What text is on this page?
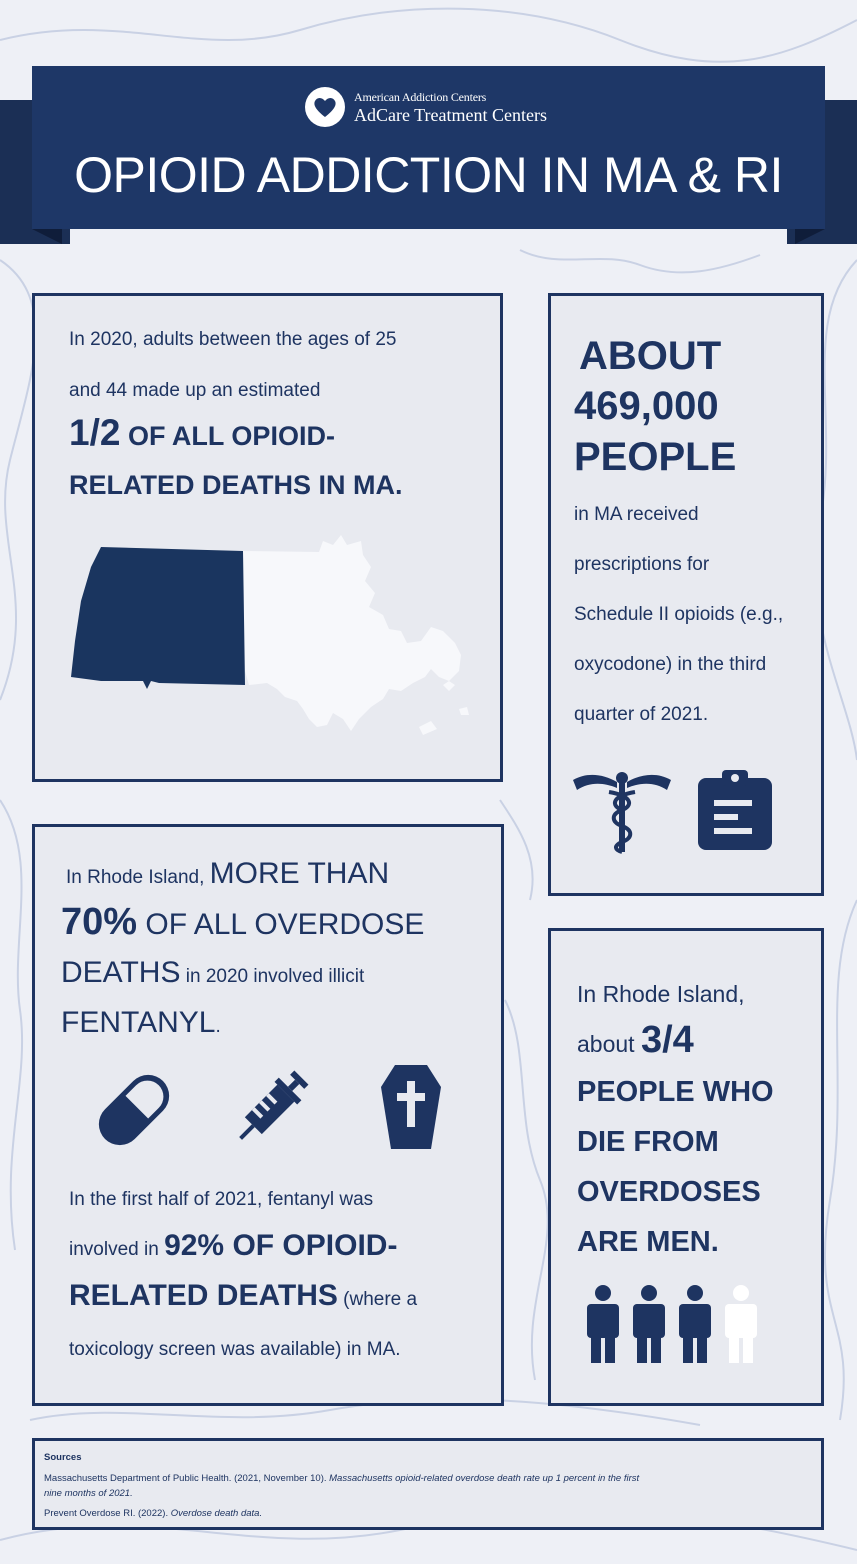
American Addiction Centers
AdCare Treatment Centers
OPIOID ADDICTION IN MA & RI
In 2020, adults between the ages of 25
and 44 made up an estimated
1/2 OF ALL OPIOID-
RELATED DEATHS IN MA.
ABOUT
469,000
PEOPLE
in MA received
prescriptions for
Schedule II opioids (e.g.,
oxycodone) in the third
quarter of 2021.
In Rhode Island, MORE THAN
70% OF ALL OVERDOSE
DEATHS in 2020 involved illicit
FENTANYL.
In the first half of 2021, fentanyl was
involved in 92% OF OPIOID-
RELATED DEATHS (where a
toxicology screen was available) in MA.
In Rhode Island,
about 3/4
PEOPLE WHO
DIE FROM
OVERDOSES
ARE MEN.
Sources
Massachusetts Department of Public Health. (2021, November 10). Massachusetts opioid-related overdose death rate up 1 percent in the first
nine months of 2021.
Prevent Overdose RI. (2022). Overdose death data.
